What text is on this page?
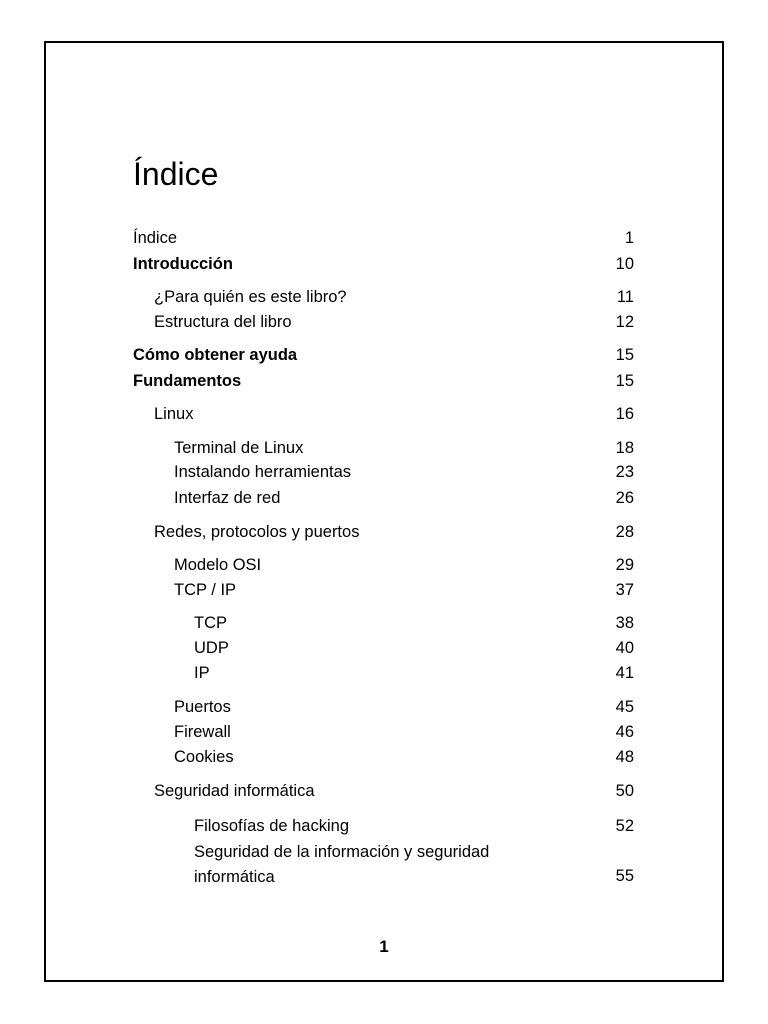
Índice
Índice	1
Introducción	10
¿Para quién es este libro?	11
Estructura del libro	12
Cómo obtener ayuda	15
Fundamentos	15
Linux	16
Terminal de Linux	18
Instalando herramientas	23
Interfaz de red	26
Redes, protocolos y puertos	28
Modelo OSI	29
TCP / IP	37
TCP	38
UDP	40
IP	41
Puertos	45
Firewall	46
Cookies	48
Seguridad informática	50
Filosofías de hacking	52
Seguridad de la información y seguridad informática	55
1
